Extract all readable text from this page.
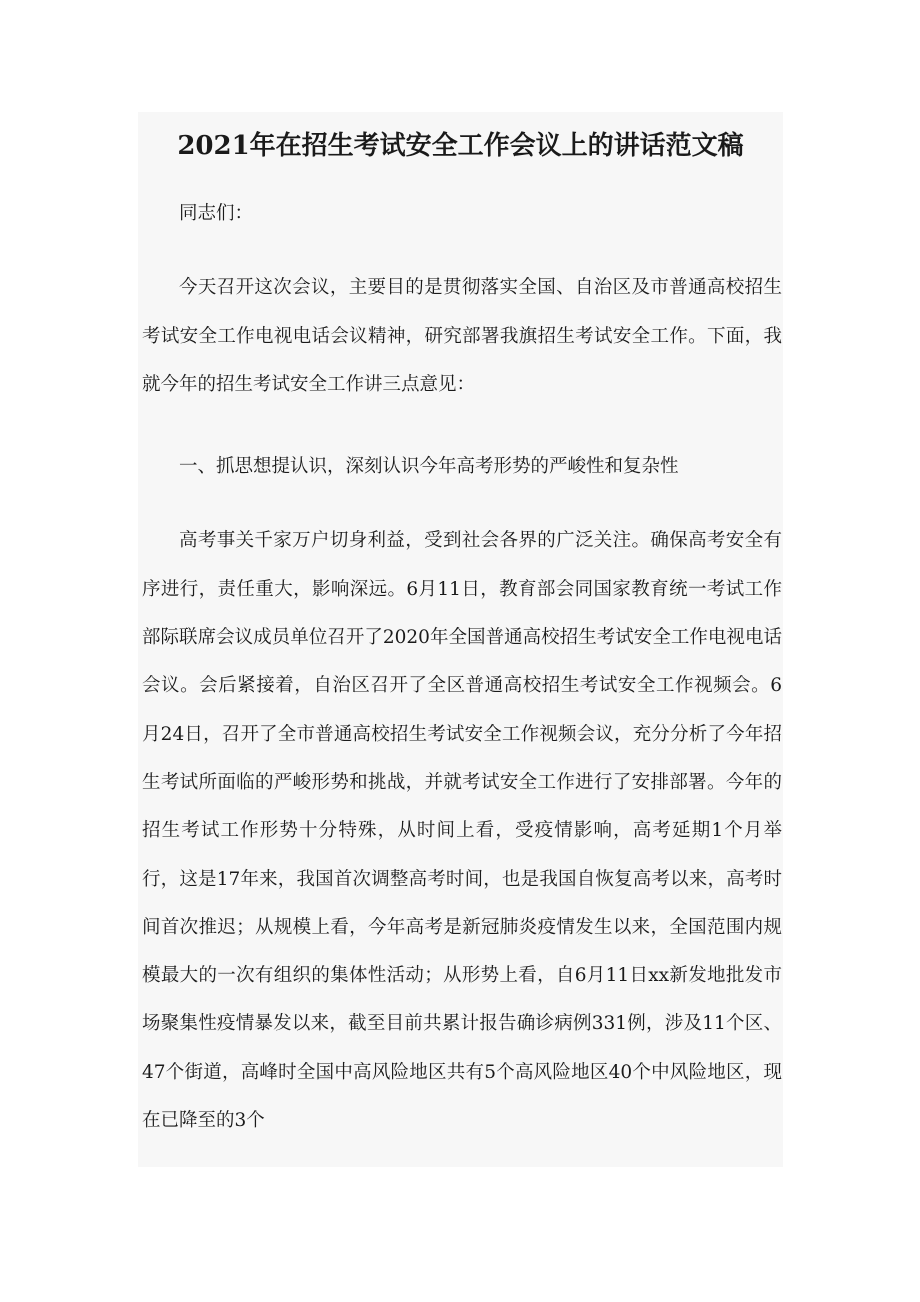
2021年在招生考试安全工作会议上的讲话范文稿

同志们：

今天召开这次会议，主要目的是贯彻落实全国、自治区及市普通高校招生考试安全工作电视电话会议精神，研究部署我旗招生考试安全工作。下面，我就今年的招生考试安全工作讲三点意见：

一、抓思想提认识，深刻认识今年高考形势的严峻性和复杂性

高考事关千家万户切身利益，受到社会各界的广泛关注。确保高考安全有序进行，责任重大，影响深远。6月11日，教育部会同国家教育统一考试工作部际联席会议成员单位召开了2020年全国普通高校招生考试安全工作电视电话会议。会后紧接着，自治区召开了全区普通高校招生考试安全工作视频会。6月24日，召开了全市普通高校招生考试安全工作视频会议，充分分析了今年招生考试所面临的严峻形势和挑战，并就考试安全工作进行了安排部署。今年的招生考试工作形势十分特殊，从时间上看，受疫情影响，高考延期1个月举行，这是17年来，我国首次调整高考时间，也是我国自恢复高考以来，高考时间首次推迟；从规模上看，今年高考是新冠肺炎疫情发生以来，全国范围内规模最大的一次有组织的集体性活动；从形势上看，自6月11日xx新发地批发市场聚集性疫情暴发以来，截至目前共累计报告确诊病例331例，涉及11个区、47个街道，高峰时全国中高风险地区共有5个高风险地区40个中风险地区，现在已降至的3个
